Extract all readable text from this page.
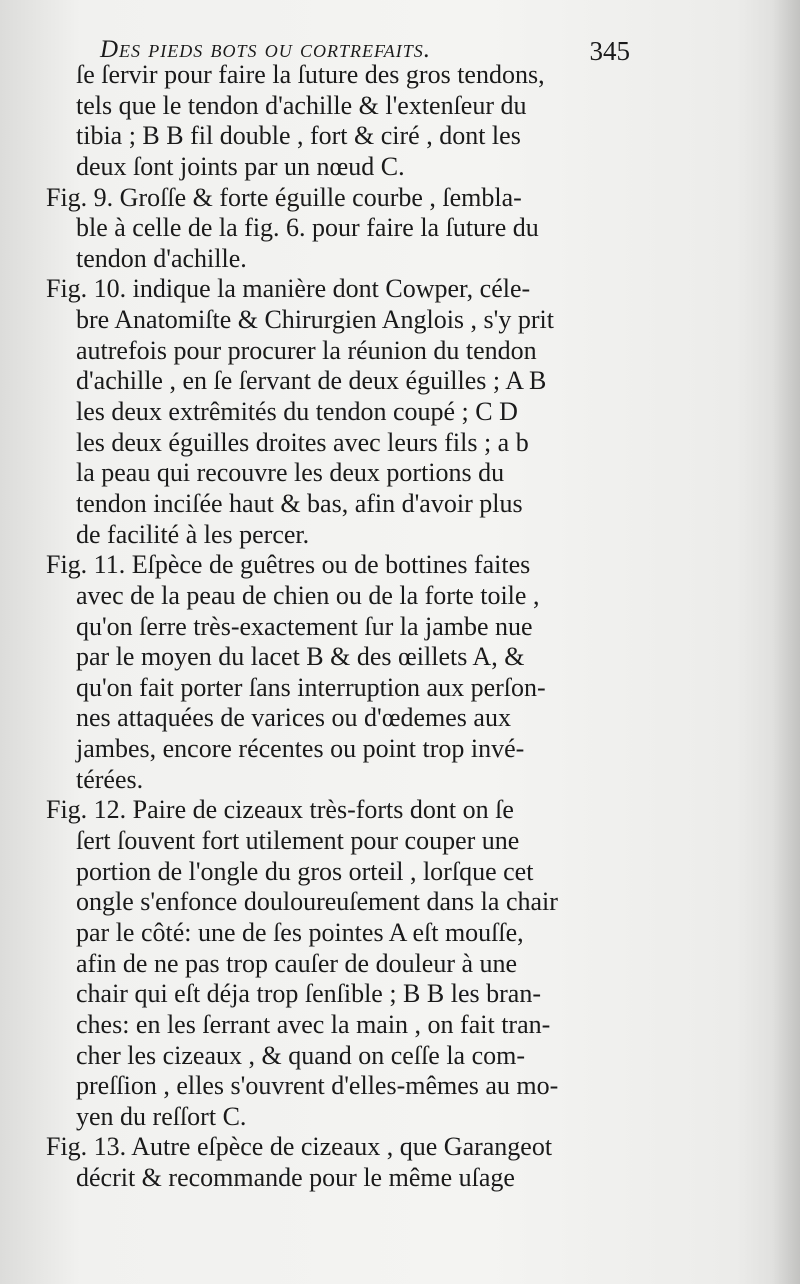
Des pieds bots ou cortrefaits.	345
ſe ſervir pour faire la ſuture des gros tendons,
tels que le tendon d'achille & l'extenſeur du
tibia ; B B fil double , fort & ciré , dont les
deux ſont joints par un nœud C.
Fig. 9. Groſſe & forte éguille courbe , ſembla-
ble à celle de la fig. 6. pour faire la ſuture du
tendon d'achille.
Fig. 10. indique la manière dont Cowper, céle-
bre Anatomiſte & Chirurgien Anglois , s'y prit
autrefois pour procurer la réunion du tendon
d'achille , en ſe ſervant de deux éguilles ; A B
les deux extrêmités du tendon coupé ; C D
les deux éguilles droites avec leurs fils ; a b
la peau qui recouvre les deux portions du
tendon inciſée haut & bas, afin d'avoir plus
de facilité à les percer.
Fig. 11. Eſpèce de guêtres ou de bottines faites
avec de la peau de chien ou de la forte toile ,
qu'on ſerre très-exactement ſur la jambe nue
par le moyen du lacet B & des œillets A, &
qu'on fait porter ſans interruption aux perſon-
nes attaquées de varices ou d'œdemes aux
jambes, encore récentes ou point trop invé-
térées.
Fig. 12. Paire de cizeaux très-forts dont on ſe
ſert ſouvent fort utilement pour couper une
portion de l'ongle du gros orteil , lorſque cet
ongle s'enfonce douloureuſement dans la chair
par le côté: une de ſes pointes A eſt mouſſe,
afin de ne pas trop cauſer de douleur à une
chair qui eſt déja trop ſenſible ; B B les bran-
ches: en les ſerrant avec la main , on fait tran-
cher les cizeaux , & quand on ceſſe la com-
preſſion , elles s'ouvrent d'elles-mêmes au mo-
yen du reſſort C.
Fig. 13. Autre eſpèce de cizeaux , que Garangeot
décrit & recommande pour le même uſage
